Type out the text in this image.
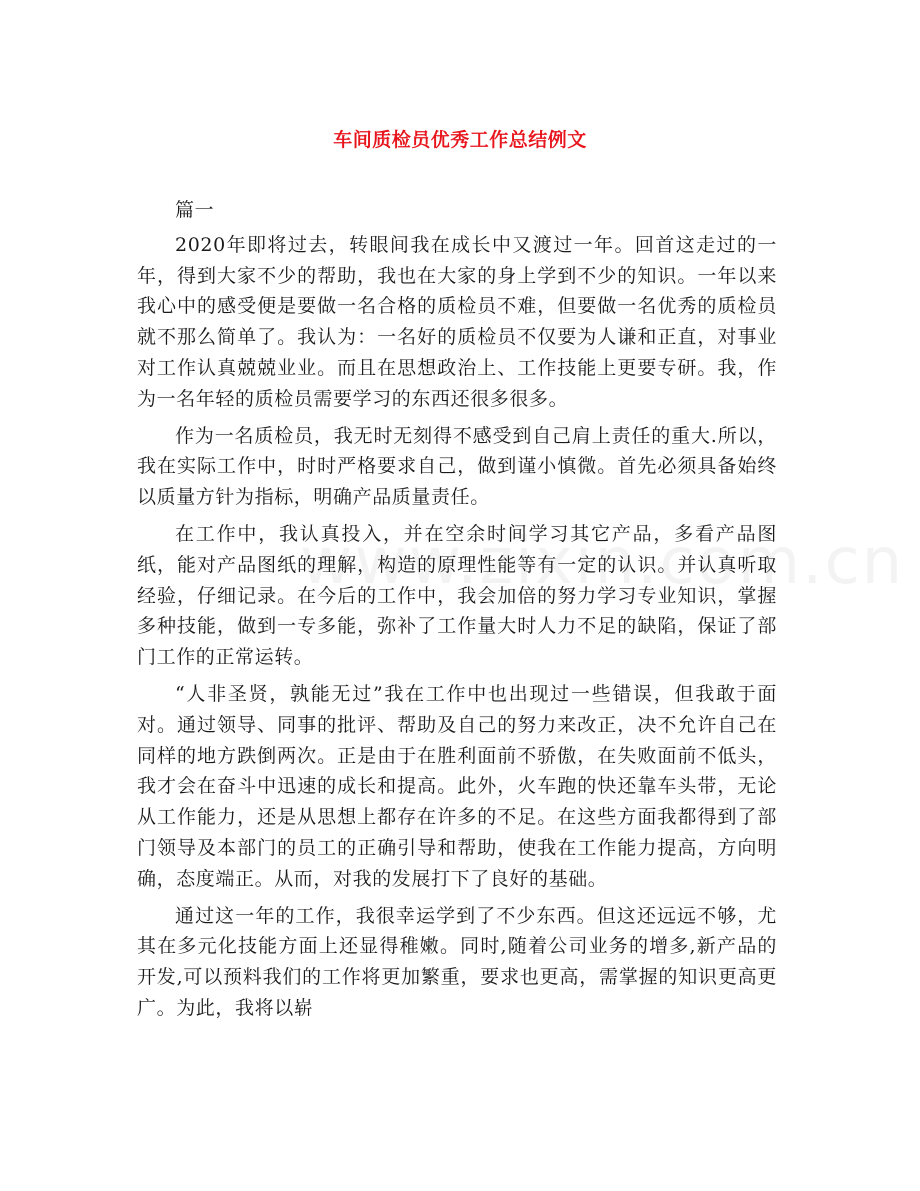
车间质检员优秀工作总结例文

篇一

2020年即将过去，转眼间我在成长中又渡过一年。回首这走过的一年，得到大家不少的帮助，我也在大家的身上学到不少的知识。一年以来我心中的感受便是要做一名合格的质检员不难，但要做一名优秀的质检员就不那么简单了。我认为：一名好的质检员不仅要为人谦和正直，对事业对工作认真兢兢业业。而且在思想政治上、工作技能上更要专研。我，作为一名年轻的质检员需要学习的东西还很多很多。

作为一名质检员，我无时无刻得不感受到自己肩上责任的重大.所以，我在实际工作中，时时严格要求自己，做到谨小慎微。首先必须具备始终以质量方针为指标，明确产品质量责任。

在工作中，我认真投入，并在空余时间学习其它产品，多看产品图纸，能对产品图纸的理解，构造的原理性能等有一定的认识。并认真听取经验，仔细记录。在今后的工作中，我会加倍的努力学习专业知识，掌握多种技能，做到一专多能，弥补了工作量大时人力不足的缺陷，保证了部门工作的正常运转。

“人非圣贤，孰能无过”我在工作中也出现过一些错误，但我敢于面对。通过领导、同事的批评、帮助及自己的努力来改正，决不允许自己在同样的地方跌倒两次。正是由于在胜利面前不骄傲，在失败面前不低头，我才会在奋斗中迅速的成长和提高。此外，火车跑的快还靠车头带，无论从工作能力，还是从思想上都存在许多的不足。在这些方面我都得到了部门领导及本部门的员工的正确引导和帮助，使我在工作能力提高，方向明确，态度端正。从而，对我的发展打下了良好的基础。

通过这一年的工作，我很幸运学到了不少东西。但这还远远不够，尤其在多元化技能方面上还显得稚嫩。同时,随着公司业务的增多,新产品的开发,可以预料我们的工作将更加繁重，要求也更高，需掌握的知识更高更广。为此，我将以崭
